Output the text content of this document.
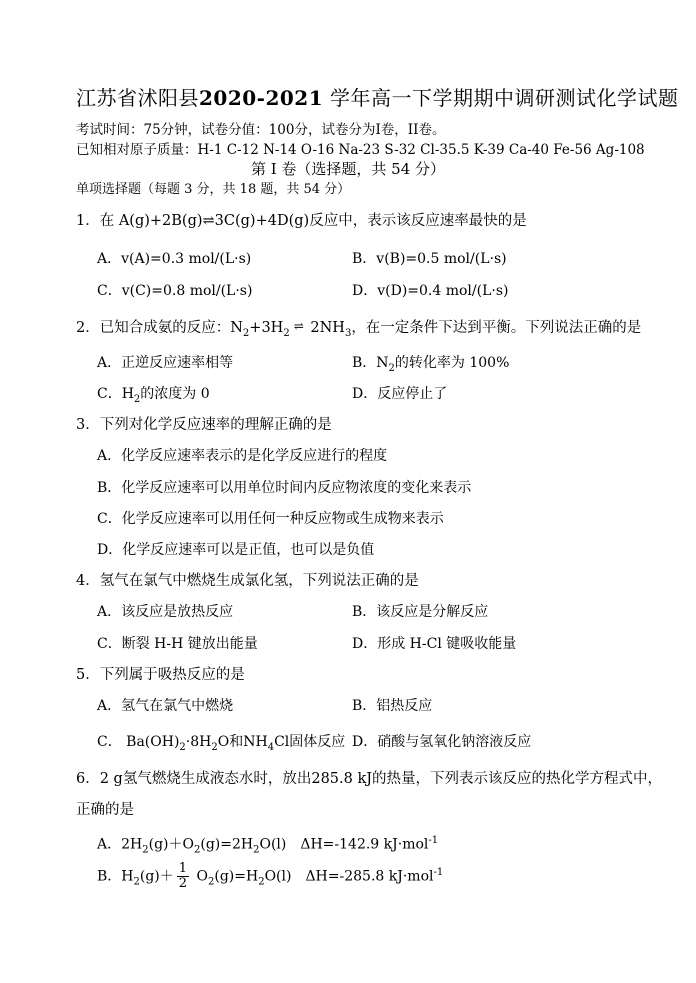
江苏省沭阳县2020-2021 学年高一下学期期中调研测试化学试题
考试时间：75分钟，试卷分值：100分，试卷分为I卷，II卷。
已知相对原子质量：H-1 C-12 N-14 O-16 Na-23 S-32 Cl-35.5 K-39 Ca-40 Fe-56 Ag-108
第 I 卷（选择题，共 54 分）
单项选择题（每题 3 分，共 18 题，共 54 分）
1．在 A(g)+2B(g)⇌3C(g)+4D(g)反应中，表示该反应速率最快的是
A．v(A)=0.3 mol/(L·s)	B．v(B)=0.5 mol/(L·s)
C．v(C)=0.8 mol/(L·s)	D．v(D)=0.4 mol/(L·s)
2．已知合成氨的反应：$N_2+3H_2\rightleftharpoons$ $2NH_3$，在一定条件下达到平衡。下列说法正确的是
A．正逆反应速率相等	B．$N_2$的转化率为 100%
C．$H_2$的浓度为 0	D．反应停止了
3．下列对化学反应速率的理解正确的是
A．化学反应速率表示的是化学反应进行的程度
B．化学反应速率可以用单位时间内反应物浓度的变化来表示
C．化学反应速率可以用任何一种反应物或生成物来表示
D．化学反应速率可以是正值，也可以是负值
4．氢气在氯气中燃烧生成氯化氢，下列说法正确的是
A．该反应是放热反应	B．该反应是分解反应
C．断裂 H-H 键放出能量	D．形成 H-Cl 键吸收能量
5．下列属于吸热反应的是
A．氢气在氯气中燃烧	B．铝热反应
C． $Ba(OH)_2\cdot 8H_2O$和$NH_4Cl$固体反应 D．硝酸与氢氧化钠溶液反应
6．2 g氢气燃烧生成液态水时，放出285.8 kJ的热量，下列表示该反应的热化学方程式中，
正确的是
A．$2H_2(g)+O_2(g)=2H_2O(l)$　ΔH=-142.9 kJ·mol$^{-1}$
B．$H_2(g)+ \frac{1}{2} O_2(g)=H_2O(l)$　ΔH=-285.8 kJ·mol$^{-1}$
